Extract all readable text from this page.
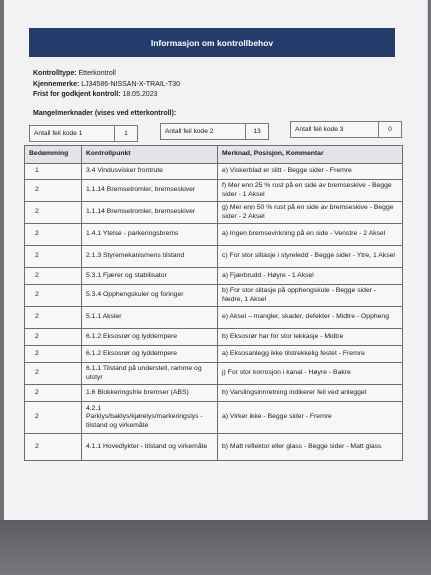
Informasjon om kontrollbehov
Kontrolltype: Etterkontroll
Kjennemerke: LJ34586-NISSAN-X-TRAIL-T30
Frist for godkjent kontroll: 18.05.2023
Mangelmerknader (vises ved etterkontroll):
Antall feil kode 1	1	Antall feil kode 2	13	Antall feil kode 3	0
Bedømming	Kontrollpunkt	Merknad, Posisjon, Kommentar
1	3.4 Vindusvisker frontrute	e) Viskerblad er slitt - Begge sider - Fremre
2	1.1.14 Bremsetromler, bremseskiver	f) Mer enn 25 % rust på en side av bremseskive - Begge sider - 1 Aksel
2	1.1.14 Bremsetromler, bremseskiver	g) Mer enn 50 % rust på en side av bremseskive - Begge sider - 2 Aksel
2	1.4.1 Ytelse - parkeringsbrems	a) Ingen bremsevirkning på en side - Venstre - 2 Aksel
2	2.1.3 Styremekanismens tilstand	c) For stor slitasje i styreledd - Begge sider - Ytre, 1 Aksel
2	5.3.1 Fjærer og stabilisator	a) Fjærbrudd - Høyre - 1 Aksel
2	5.3.4 Opphengskuler og foringer	b) For stor slitasje på opphengskule - Begge sider - Nedre, 1 Aksel
2	5.1.1 Aksler	e) Aksel – mangler, skader, defekter - Midtre - Oppheng
2	6.1.2 Eksosrør og lyddempere	b) Eksosrør har for stor lekkasje - Midtre
2	6.1.2 Eksosrør og lyddempere	a) Eksosanlegg ikke tilstrekkelig festet - Fremre
2	6.1.1 Tilstand på understell, ramme og utstyr	j) For stor korrosjon i kanal - Høyre - Bakre
2	1.6 Blokkeringsfrie bremser (ABS)	b) Varslingsinnretning indikerer feil ved anlegget
2	4.2.1 Parklys/baklys/kjørelys/markeringslys - tilstand og virkemåte	a) Virker ikke - Begge sider - Fremre
2	4.1.1 Hovedlykter - tilstand og virkemåte	b) Matt reflektor eller glass - Begge sider - Matt glass
